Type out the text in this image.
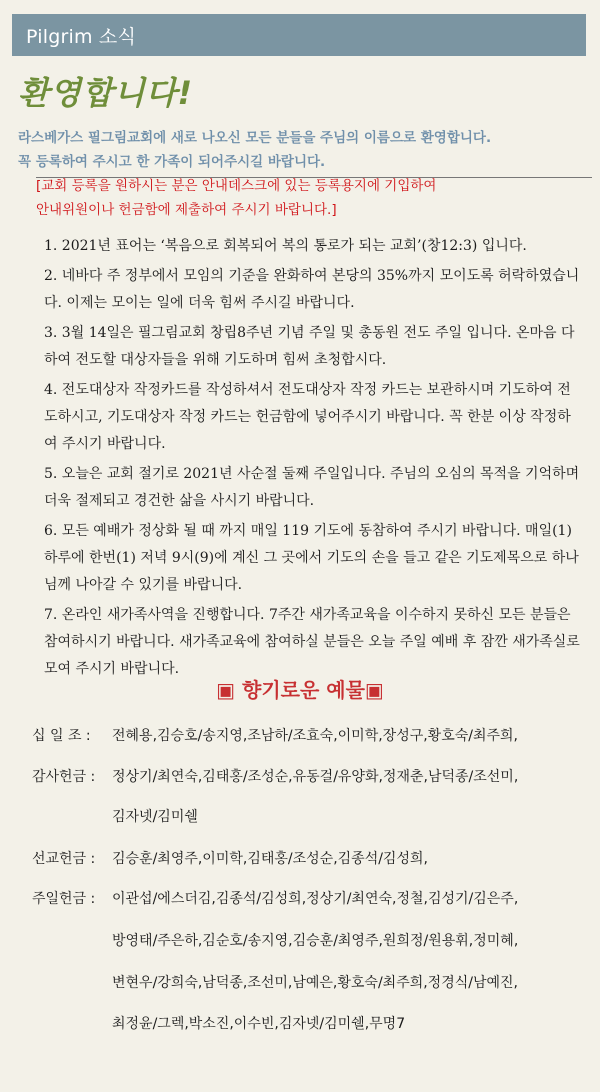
Pilgrim 소식
환영합니다!
라스베가스 필그림교회에 새로 나오신 모든 분들을 주님의 이름으로 환영합니다.
꼭 등록하여 주시고 한 가족이 되어주시길 바랍니다.
[교회 등록을 원하시는 분은 안내데스크에 있는 등록용지에 기입하여
안내위원이나 헌금함에 제출하여 주시기 바랍니다.]

1. 2021년 표어는 ‘복음으로 회복되어 복의 통로가 되는 교회’(창12:3) 입니다.

2. 네바다 주 정부에서 모임의 기준을 완화하여 본당의 35%까지 모이도록 허락하였습니다. 이제는 모이는 일에 더욱 힘써 주시길 바랍니다.

3. 3월 14일은 필그림교회 창립8주년 기념 주일 및 총동원 전도 주일 입니다. 온마음 다하여 전도할 대상자들을 위해 기도하며 힘써 초청합시다.

4. 전도대상자 작정카드를 작성하셔서 전도대상자 작정 카드는 보관하시며 기도하여 전도하시고, 기도대상자 작정 카드는 헌금함에 넣어주시기 바랍니다. 꼭 한분 이상 작정하여 주시기 바랍니다.

5. 오늘은 교회 절기로 2021년 사순절 둘째 주일입니다. 주님의 오심의 목적을 기억하며 더욱 절제되고 경건한 삶을 사시기 바랍니다.

6. 모든 예배가 정상화 될 때 까지 매일 119 기도에 동참하여 주시기 바랍니다. 매일(1) 하루에 한번(1) 저녁 9시(9)에 계신 그 곳에서 기도의 손을 들고 같은 기도제목으로 하나님께 나아갈 수 있기를 바랍니다.

7. 온라인 새가족사역을 진행합니다. 7주간 새가족교육을 이수하지 못하신 모든 분들은 참여하시기 바랍니다. 새가족교육에 참여하실 분들은 오늘 주일 예배 후 잠깐 새가족실로 모여 주시기 바랍니다.

▣ 향기로운 예물▣
십 일 조 : 전혜용,김승호/송지영,조남하/조효숙,이미학,장성구,황호숙/최주희,
감사헌금 : 정상기/최연숙,김태홍/조성순,유동걸/유양화,정재춘,남덕종/조선미,
김자넷/김미쉘
선교헌금 : 김승훈/최영주,이미학,김태홍/조성순,김종석/김성희,
주일헌금 : 이관섭/에스더김,김종석/김성희,정상기/최연숙,정철,김성기/김은주,
방영태/주은하,김순호/송지영,김승훈/최영주,원희정/원용휘,정미혜,
변현우/강희숙,남덕종,조선미,남예은,황호숙/최주희,정경식/남예진,
최정윤/그렉,박소진,이수빈,김자넷/김미쉘,무명7
